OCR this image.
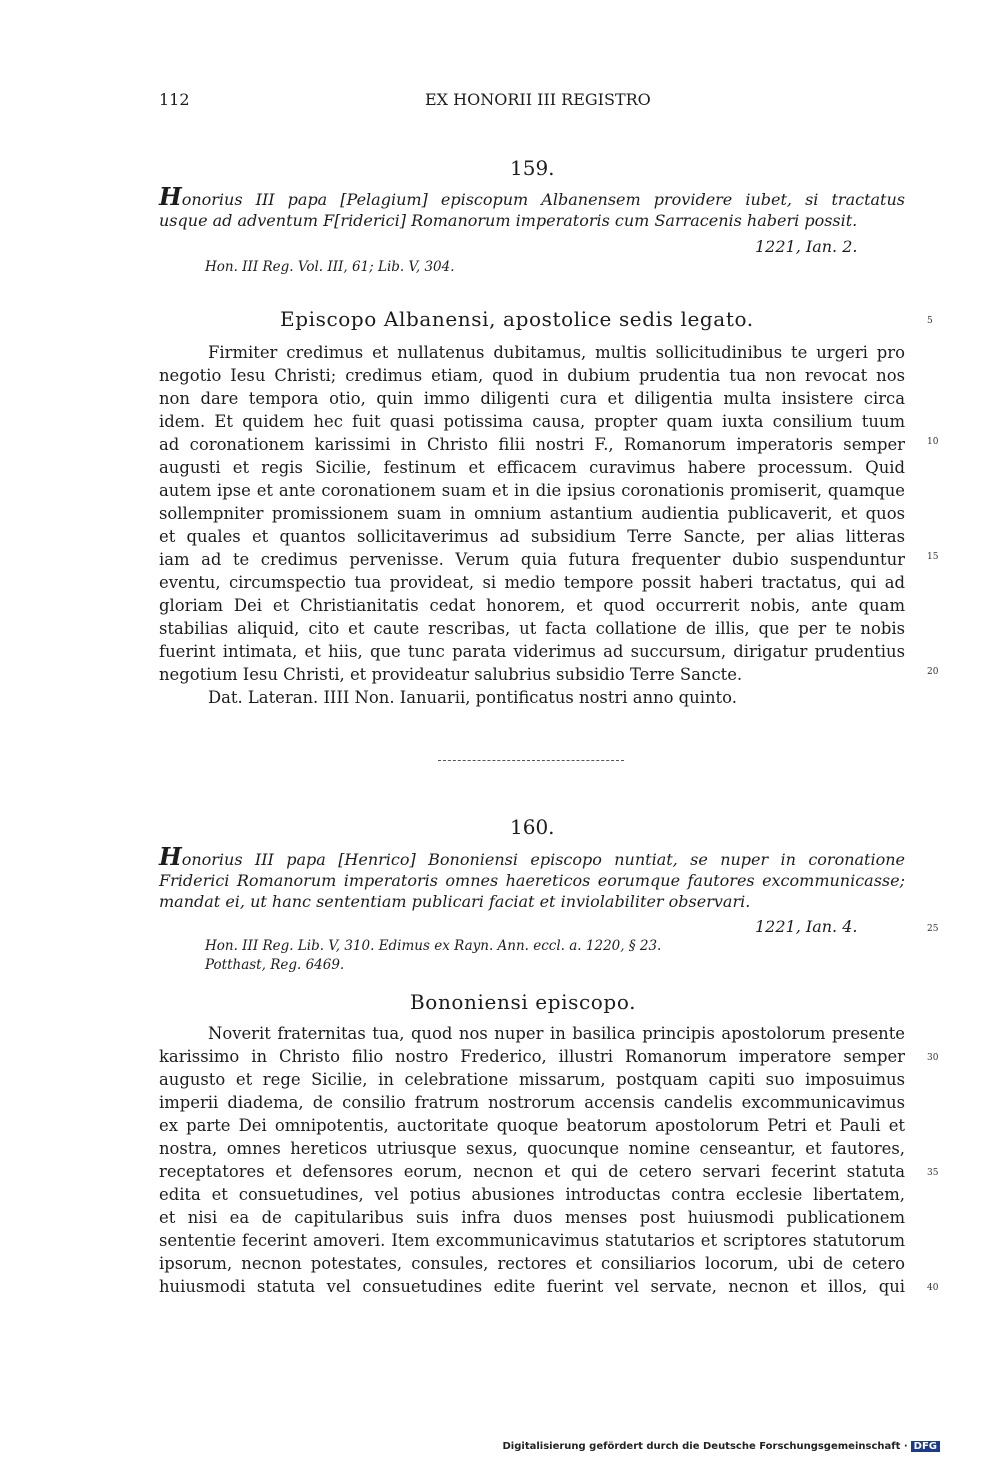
112	EX HONORII III REGISTRO
159.
Honorius III papa [Pelagium] episcopum Albanensem providere iubet, si tractatus
usque ad adventum F[riderici] Romanorum imperatoris cum Sarracenis haberi possit.
1221, Ian. 2.
Hon. III Reg. Vol. III, 61; Lib. V, 304.
Episcopo Albanensi, apostolice sedis legato.	5
Firmiter credimus et nullatenus dubitamus, multis sollicitudinibus te urgeri pro
negotio Iesu Christi; credimus etiam, quod in dubium prudentia tua non revocat nos
non dare tempora otio, quin immo diligenti cura et diligentia multa insistere circa
idem. Et quidem hec fuit quasi potissima causa, propter quam iuxta consilium tuum
ad coronationem karissimi in Christo filii nostri F., Romanorum imperatoris semper
augusti et regis Sicilie, festinum et efficacem curavimus habere processum. Quid
autem ipse et ante coronationem suam et in die ipsius coronationis promiserit, quamque
sollempniter promissionem suam in omnium astantium audientia publicaverit, et quos
et quales et quantos sollicitaverimus ad subsidium Terre Sancte, per alias litteras
iam ad te credimus pervenisse. Verum quia futura frequenter dubio suspenduntur
eventu, circumspectio tua provideat, si medio tempore possit haberi tractatus, qui ad
gloriam Dei et Christianitatis cedat honorem, et quod occurrerit nobis, ante quam
stabilias aliquid, cito et caute rescribas, ut facta collatione de illis, que per te nobis
fuerint intimata, et hiis, que tunc parata viderimus ad succursum, dirigatur prudentius
negotium Iesu Christi, et provideatur salubrius subsidio Terre Sancte.
Dat. Lateran. IIII Non. Ianuarii, pontificatus nostri anno quinto.
10
15
20
160.
Honorius III papa [Henrico] Bononiensi episcopo nuntiat, se nuper in coronatione
Friderici Romanorum imperatoris omnes haereticos eorumque fautores excommunicasse;
mandat ei, ut hanc sententiam publicari faciat et inviolabiliter observari.
1221, Ian. 4.	25
Hon. III Reg. Lib. V, 310. Edimus ex Rayn. Ann. eccl. a. 1220, § 23.
Potthast, Reg. 6469.
Bononiensi episcopo.
Noverit fraternitas tua, quod nos nuper in basilica principis apostolorum presente
karissimo in Christo filio nostro Frederico, illustri Romanorum imperatore semper
augusto et rege Sicilie, in celebratione missarum, postquam capiti suo imposuimus
imperii diadema, de consilio fratrum nostrorum accensis candelis excommunicavimus
ex parte Dei omnipotentis, auctoritate quoque beatorum apostolorum Petri et Pauli et
nostra, omnes hereticos utriusque sexus, quocunque nomine censeantur, et fautores,
receptatores et defensores eorum, necnon et qui de cetero servari fecerint statuta
edita et consuetudines, vel potius abusiones introductas contra ecclesie libertatem,
et nisi ea de capitularibus suis infra duos menses post huiusmodi publicationem
sententie fecerint amoveri. Item excommunicavimus statutarios et scriptores statutorum
ipsorum, necnon potestates, consules, rectores et consiliarios locorum, ubi de cetero
huiusmodi statuta vel consuetudines edite fuerint vel servate, necnon et illos, qui
30
35
40
Digitalisierung gefördert durch die Deutsche Forschungsgemeinschaft · DFG
